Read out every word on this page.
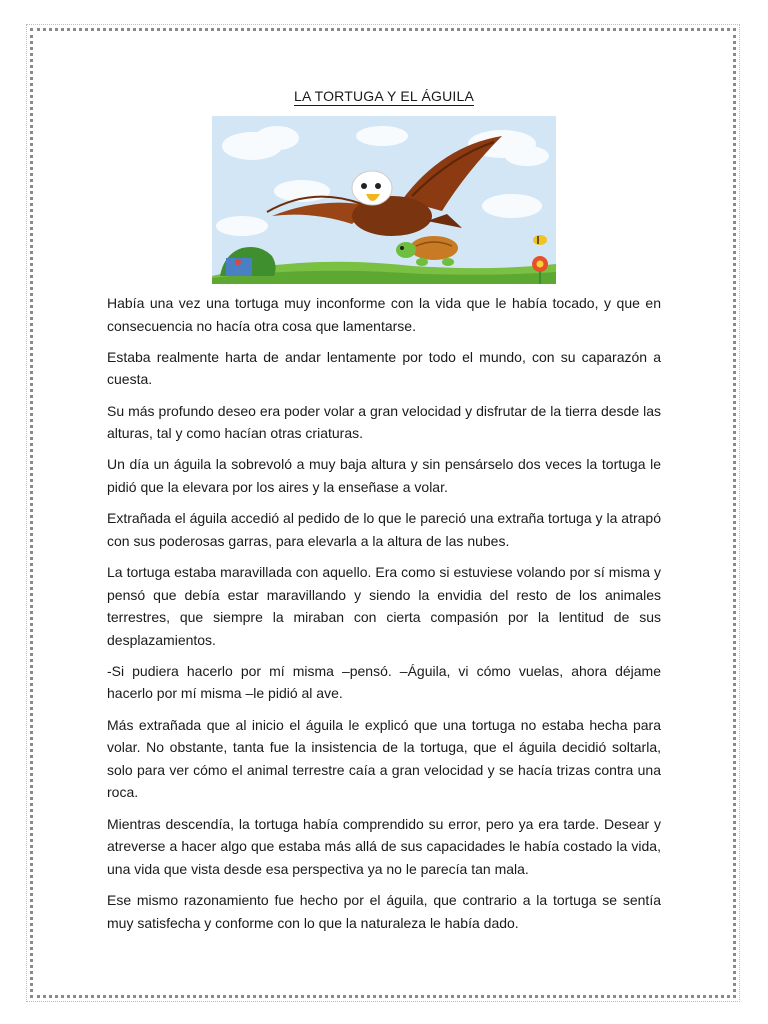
LA TORTUGA Y EL ÁGUILA

Había una vez una tortuga muy inconforme con la vida que le había tocado, y que en consecuencia no hacía otra cosa que lamentarse.

Estaba realmente harta de andar lentamente por todo el mundo, con su caparazón a cuesta.

Su más profundo deseo era poder volar a gran velocidad y disfrutar de la tierra desde las alturas, tal y como hacían otras criaturas.

Un día un águila la sobrevoló a muy baja altura y sin pensárselo dos veces la tortuga le pidió que la elevara por los aires y la enseñase a volar.

Extrañada el águila accedió al pedido de lo que le pareció una extraña tortuga y la atrapó con sus poderosas garras, para elevarla a la altura de las nubes.

La tortuga estaba maravillada con aquello. Era como si estuviese volando por sí misma y pensó que debía estar maravillando y siendo la envidia del resto de los animales terrestres, que siempre la miraban con cierta compasión por la lentitud de sus desplazamientos.

-Si pudiera hacerlo por mí misma –pensó. –Águila, vi cómo vuelas, ahora déjame hacerlo por mí misma –le pidió al ave.

Más extrañada que al inicio el águila le explicó que una tortuga no estaba hecha para volar. No obstante, tanta fue la insistencia de la tortuga, que el águila decidió soltarla, solo para ver cómo el animal terrestre caía a gran velocidad y se hacía trizas contra una roca.

Mientras descendía, la tortuga había comprendido su error, pero ya era tarde. Desear y atreverse a hacer algo que estaba más allá de sus capacidades le había costado la vida, una vida que vista desde esa perspectiva ya no le parecía tan mala.

Ese mismo razonamiento fue hecho por el águila, que contrario a la tortuga se sentía muy satisfecha y conforme con lo que la naturaleza le había dado.
